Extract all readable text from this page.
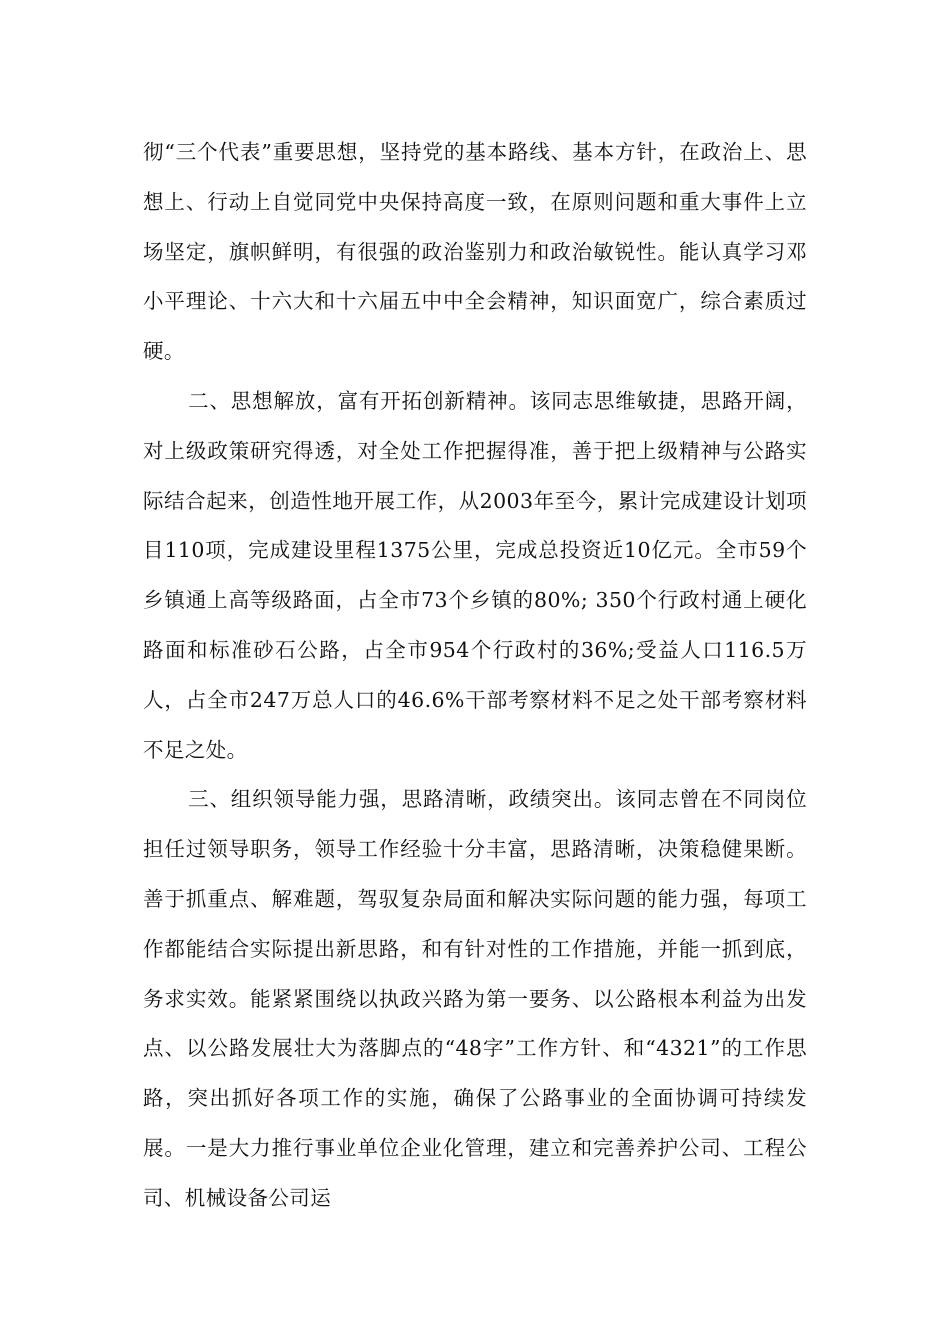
彻“三个代表”重要思想，坚持党的基本路线、基本方针，在政治上、思想上、行动上自觉同党中央保持高度一致，在原则问题和重大事件上立场坚定，旗帜鲜明，有很强的政治鉴别力和政治敏锐性。能认真学习邓小平理论、十六大和十六届五中中全会精神，知识面宽广，综合素质过硬。

二、思想解放，富有开拓创新精神。该同志思维敏捷，思路开阔，对上级政策研究得透，对全处工作把握得准，善于把上级精神与公路实际结合起来，创造性地开展工作，从2003年至今，累计完成建设计划项目110项，完成建设里程1375公里，完成总投资近10亿元。全市59个乡镇通上高等级路面，占全市73个乡镇的80%; 350个行政村通上硬化路面和标准砂石公路，占全市954个行政村的36%;受益人口116.5万人，占全市247万总人口的46.6%干部考察材料不足之处干部考察材料不足之处。

三、组织领导能力强，思路清晰，政绩突出。该同志曾在不同岗位担任过领导职务，领导工作经验十分丰富，思路清晰，决策稳健果断。善于抓重点、解难题，驾驭复杂局面和解决实际问题的能力强，每项工作都能结合实际提出新思路，和有针对性的工作措施，并能一抓到底，务求实效。能紧紧围绕以执政兴路为第一要务、以公路根本利益为出发点、以公路发展壮大为落脚点的“48字”工作方针、和“4321”的工作思路，突出抓好各项工作的实施，确保了公路事业的全面协调可持续发展。一是大力推行事业单位企业化管理，建立和完善养护公司、工程公司、机械设备公司运
